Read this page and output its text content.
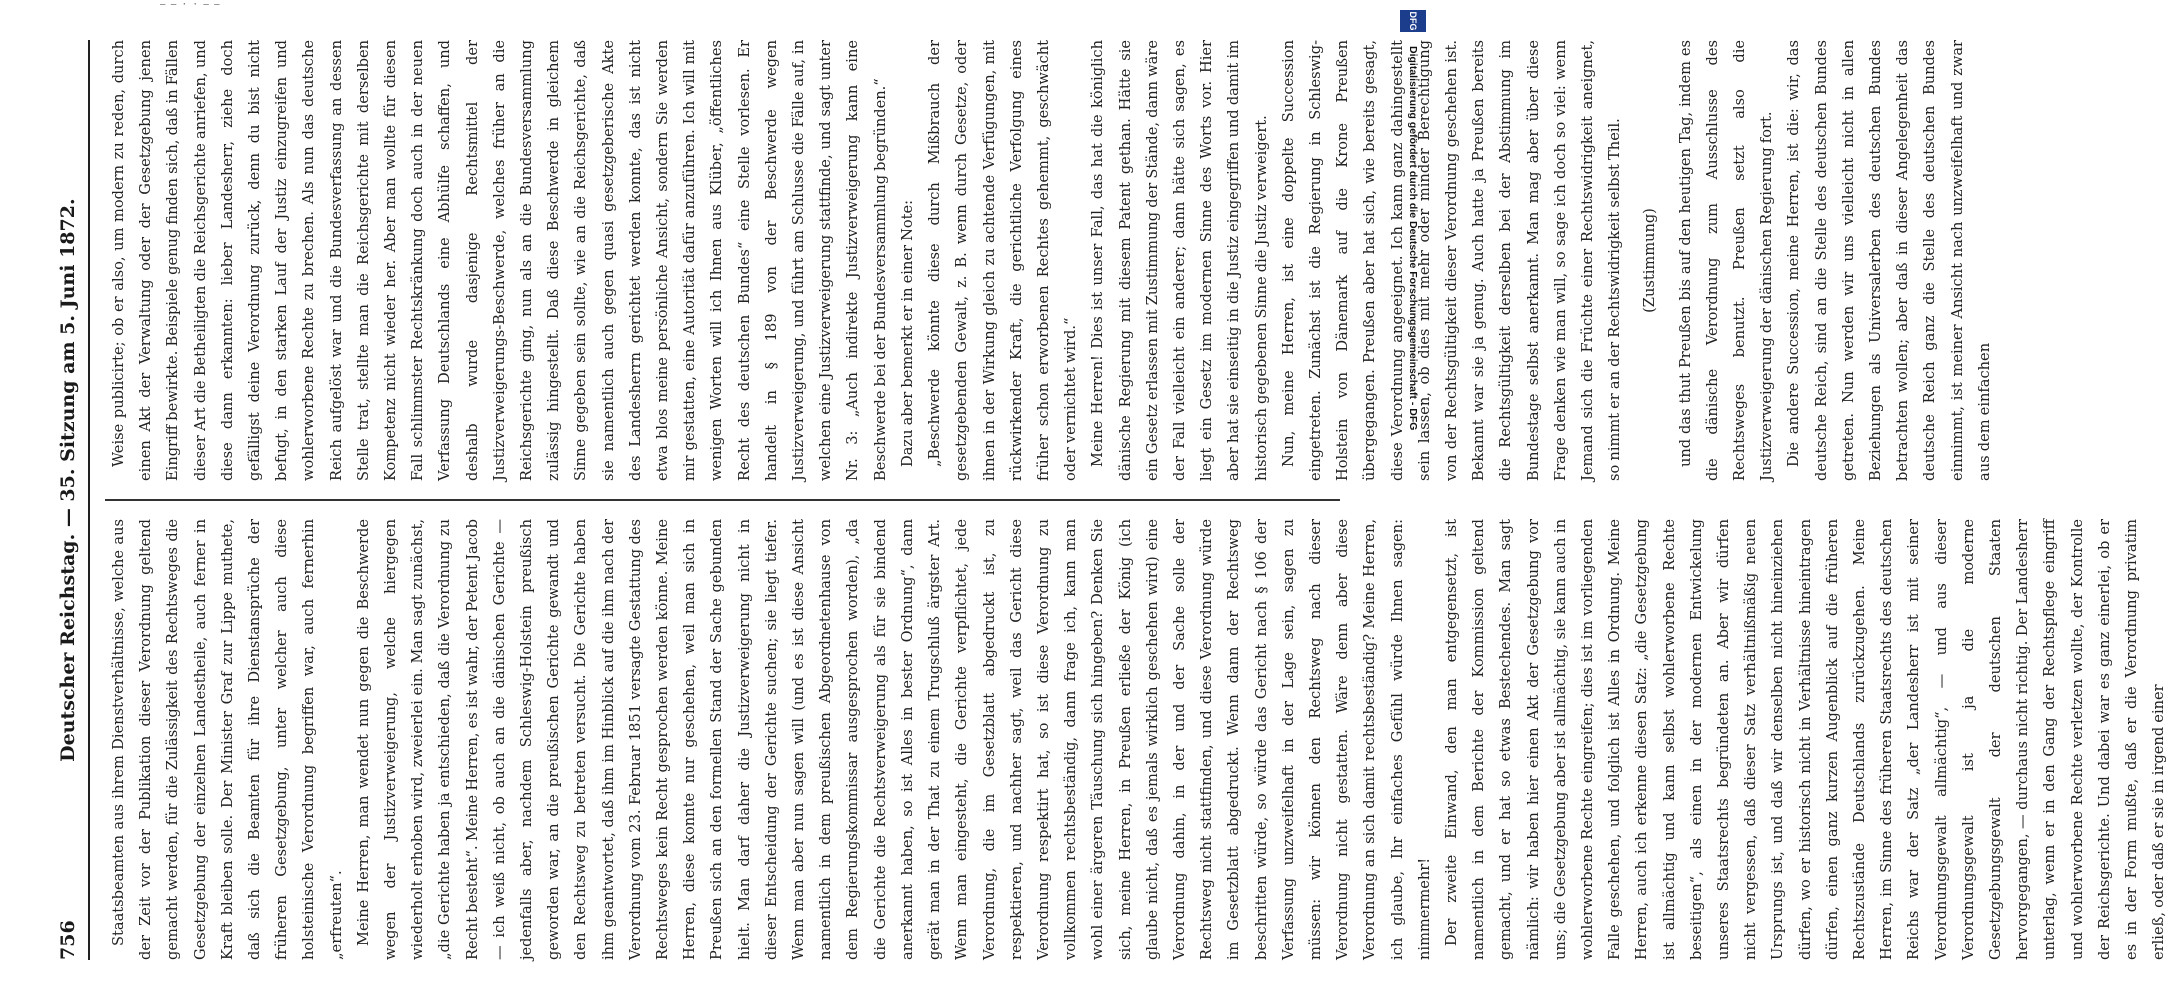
— — · · — —

Staatsbeamten aus ihrem Dienstverhältnisse, welche aus der Zeit vor der Publikation dieser Verordnung geltend gemacht werden, für die Zulässigkeit des Rechtsweges die Gesetzgebung der einzelnen Landestheile, auch ferner in Kraft bleiben solle. Der Minister Graf zur Lippe muthete, daß sich die Beamten für ihre Dienstansprüche der früheren Gesetzgebung, unter welcher auch diese holsteinische Verordnung begriffen war, auch fernerhin „erfreuten“. Meine Herren, man wendet nun gegen die Beschwerde wegen der Justizverweigerung, welche hiergegen wiederholt erhoben wird, zweierlei ein. Man sagt zunächst, „die Gerichte haben ja entschieden, daß die Verordnung zu Recht besteht“. Meine Herren, es ist wahr, der Petent Jacob — ich weiß nicht, ob auch an die dänischen Gerichte — jedenfalls aber, nachdem Schleswig-Holstein preußisch geworden war, an die preußischen Gerichte gewandt und den Rechtsweg zu betreten versucht. Die Gerichte haben ihm geantwortet, daß ihm im Hinblick auf die ihm nach der Verordnung vom 23. Februar 1851 versagte Gestattung des Rechtsweges kein Recht gesprochen werden könne. Meine Herren, diese konnte nur geschehen, weil man sich in Preußen sich an den formellen Stand der Sache gebunden hielt. Man darf daher die Justizverweigerung nicht in dieser Entscheidung der Gerichte suchen; sie liegt tiefer. Wenn man aber nun sagen will (und es ist diese Ansicht namentlich in dem preußischen Abgeordnetenhause von dem Regierungskommissar ausgesprochen worden), „da die Gerichte die Rechtsverweigerung als für sie bindend anerkannt haben, so ist Alles in bester Ordnung“, dann gerät man in der That zu einem Trugschluß ärgster Art. Wenn man eingesteht, die Gerichte verpflichtet, jede Verordnung, die im Gesetzblatt abgedruckt ist, zu respektieren, und nachher sagt, weil das Gericht diese Verordnung respektirt hat, so ist diese Verordnung zu vollkommen rechtsbeständig, dann frage ich, kann man wohl einer ärgeren Täuschung sich hingeben? Denken Sie sich, meine Herren, in Preußen erließe der König (ich glaube nicht, daß es jemals wirklich geschehen wird) eine Verordnung dahin, in der und der Sache solle der Rechtsweg nicht stattfinden, und diese Verordnung würde im Gesetzblatt abgedruckt. Wenn dann der Rechtsweg beschritten würde, so würde das Gericht nach § 106 der Verfassung unzweifelhaft in der Lage sein, sagen zu müssen: wir können den Rechtsweg nach dieser Verordnung nicht gestatten. Wäre denn aber diese Verordnung an sich damit rechtsbeständig? Meine Herren, ich glaube, Ihr einfaches Gefühl würde Ihnen sagen: nimmermehr! Der zweite Einwand, den man entgegensetzt, ist namentlich in dem Berichte der Kommission geltend gemacht, und er hat so etwas Bestechendes. Man sagt nämlich: wir haben hier einen Akt der Gesetzgebung vor uns; die Gesetzgebung aber ist allmächtig, sie kann auch in wohlerworbene Rechte eingreifen; dies ist im vorliegenden Falle geschehen, und folglich ist Alles in Ordnung. Meine Herren, auch ich erkenne diesen Satz: „die Gesetzgebung ist allmächtig und kann selbst wohlerworbene Rechte beseitigen“, als einen in der modernen Entwickelung unseres Staatsrechts begründeten an. Aber wir dürfen nicht vergessen, daß dieser Satz verhältnißmäßig neuen Ursprungs ist, und daß wir denselben nicht hineinziehen dürfen, wo er historisch nicht in Verhältnisse hineintragen dürfen, einen ganz kurzen Augenblick auf die früheren Rechtszustände Deutschlands zurückzugehen. Meine Herren, im Sinne des früheren Staatsrechts des deutschen Reichs war der Satz „der Landesherr ist mit seiner Verordnungsgewalt allmächtig“, — und aus dieser Verordnungsgewalt ist ja die moderne Gesetzgebungsgewalt der deutschen Staaten hervorgegangen, — durchaus nicht richtig. Der Landesherr unterlag, wenn er in den Gang der Rechtspflege eingriff und wohlerworbene Rechte verletzen wollte, der Kontrolle der Reichsgerichte. Und dabei war es ganz einerlei, ob er es in der Form mußte, daß er die Verordnung privatim erließ, oder daß er sie in irgend einer

Weise publicirte; ob er also, um modern zu reden, durch einen Akt der Verwaltung oder der Gesetzgebung jenen Eingriff bewirkte. Beispiele genug finden sich, daß in Fällen dieser Art die Betheiligten die Reichsgerichte anriefen, und diese dann erkannten: lieber Landesherr, ziehe doch gefälligst deine Verordnung zurück, denn du bist nicht befugt, in den starken Lauf der Justiz einzugreifen und wohlerworbene Rechte zu brechen. Als nun das deutsche Reich aufgelöst war und die Bundesverfassung an dessen Stelle trat, stellte man die Reichsgerichte mit derselben Kompetenz nicht wieder her. Aber man wollte für diesen Fall schlimmster Rechtskränkung doch auch in der neuen Verfassung Deutschlands eine Abhülfe schaffen, und deshalb wurde dasjenige Rechtsmittel der Justizverweigerungs-Beschwerde, welches früher an die Reichsgerichte ging, nun als an die Bundesversammlung zulässig hingestellt. Daß diese Beschwerde in gleichem Sinne gegeben sein sollte, wie an die Reichsgerichte, daß sie namentlich auch gegen quasi gesetzgeberische Akte des Landesherrn gerichtet werden konnte, das ist nicht etwa blos meine persönliche Ansicht, sondern Sie werden mir gestatten, eine Autorität dafür anzuführen. Ich will mit wenigen Worten will ich Ihnen aus Klüber, „öffentliches Recht des deutschen Bundes“ eine Stelle vorlesen. Er handelt in § 189 von der Beschwerde wegen Justizverweigerung, und führt am Schlusse die Fälle auf, in welchen eine Justizverweigerung stattfinde, und sagt unter Nr. 3: „Auch indirekte Justizverweigerung kann eine Beschwerde bei der Bundesversammlung begründen.“ Dazu aber bemerkt er in einer Note: „Beschwerde könnte diese durch Mißbrauch der gesetzgebenden Gewalt, z. B. wenn durch Gesetze, oder ihnen in der Wirkung gleich zu achtende Verfügungen, mit rückwirkender Kraft, die gerichtliche Verfolgung eines früher schon erworbenen Rechtes gehemmt, geschwächt oder vernichtet wird.“ Meine Herren! Dies ist unser Fall, das hat die königlich dänische Regierung mit diesem Patent gethan. Hätte sie ein Gesetz erlassen mit Zustimmung der Stände, dann wäre der Fall vielleicht ein anderer; dann hätte sich sagen, es liegt ein Gesetz im modernen Sinne des Worts vor. Hier aber hat sie einseitig in die Justiz eingegriffen und damit im historisch gegebenen Sinne die Justiz verweigert. Nun, meine Herren, ist eine doppelte Succession eingetreten. Zunächst ist die Regierung in Schleswig-Holstein von Dänemark auf die Krone Preußen übergegangen. Preußen aber hat sich, wie bereits gesagt, diese Verordnung angeeignet. Ich kann ganz dahingestellt sein lassen, ob dies mit mehr oder minder Berechtigung von der Rechtsgültigkeit dieser Verordnung geschehen ist. Bekannt war sie ja genug. Auch hatte ja Preußen bereits die Rechtsgültigkeit derselben bei der Abstimmung im Bundestage selbst anerkannt. Man mag aber über diese Frage denken wie man will, so sage ich doch so viel: wenn Jemand sich die Früchte einer Rechtswidrigkeit aneignet, so nimmt er an der Rechtswidrigkeit selbst Theil.	(Zustimmung)	und das thut Preußen bis auf den heutigen Tag, indem es die dänische Verordnung zum Ausschlusse des Rechtsweges benutzt. Preußen setzt also die Justizverweigerung der dänischen Regierung fort. Die andere Succession, meine Herren, ist die: wir, das deutsche Reich, sind an die Stelle des deutschen Bundes getreten. Nun werden wir uns vielleicht nicht in allen Beziehungen als Universalerben des deutschen Bundes betrachten wollen; aber daß in dieser Angelegenheit das deutsche Reich ganz die Stelle des deutschen Bundes einnimmt, ist meiner Ansicht nach unzweifelhaft und zwar aus dem einfachen

756
Deutscher Reichstag. — 35. Sitzung am 5. Juni 1872.
DFG
Digitalisierung gefördert durch die Deutsche Forschungsgemeinschaft - DFG
